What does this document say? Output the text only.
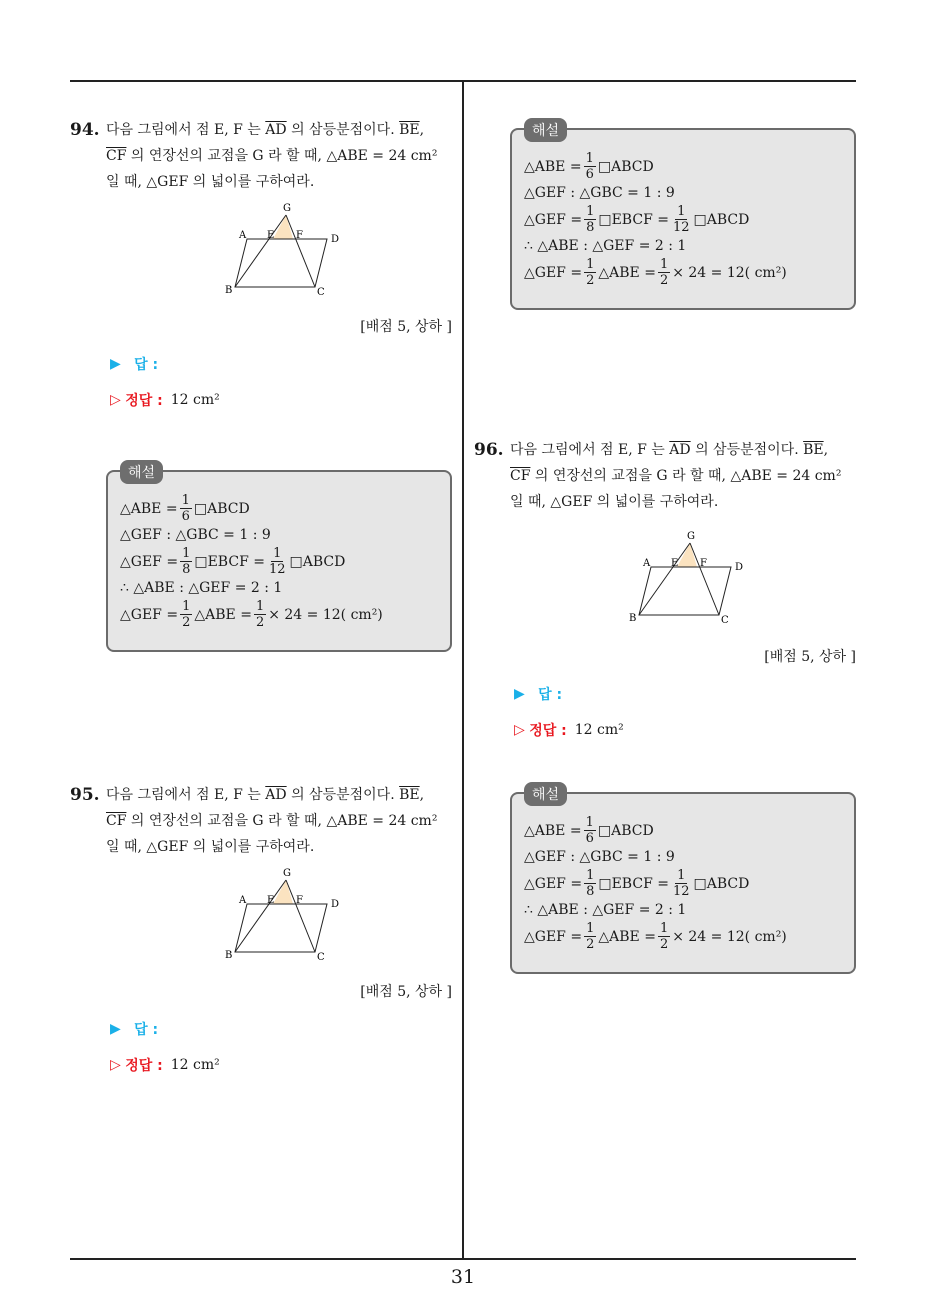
94. 다음 그림에서 점 E, F 는 $\overline{AD}$ 의 삼등분점이다. $\overline{BE}$,
$\overline{CF}$ 의 연장선의 교점을 G 라 할 때, △ABE = 24 cm²
일 때, △GEF 의 넓이를 구하여라.
G
A E F	D
B	C
[배점 5, 상하 ]
▶
답 :
▷
정답 : 12 cm²
해설
△ABE = $\frac{1}{6}$ □ABCD
△GEF : △GBC = 1 : 9
△GEF = $\frac{1}{8}$ □EBCF = $\frac{1}{12}$ □ABCD
∴ △ABE : △GEF = 2 : 1
△GEF = $\frac{1}{2}$ △ABE = $\frac{1}{2} \times 24 = 12$( cm²)
95. 다음 그림에서 점 E, F 는 $\overline{AD}$ 의 삼등분점이다. $\overline{BE}$,
$\overline{CF}$ 의 연장선의 교점을 G 라 할 때, △ABE = 24 cm²
일 때, △GEF 의 넓이를 구하여라.
G
A E F	D
B	C
[배점 5, 상하 ]
▶
답 :
▷
정답 : 12 cm²
해설
△ABE = $\frac{1}{6}$ □ABCD
△GEF : △GBC = 1 : 9
△GEF = $\frac{1}{8}$ □EBCF = $\frac{1}{12}$ □ABCD
∴ △ABE : △GEF = 2 : 1
△GEF = $\frac{1}{2}$ △ABE = $\frac{1}{2} \times 24 = 12$( cm²)
96. 다음 그림에서 점 E, F 는 $\overline{AD}$ 의 삼등분점이다. $\overline{BE}$,
$\overline{CF}$ 의 연장선의 교점을 G 라 할 때, △ABE = 24 cm²
일 때, △GEF 의 넓이를 구하여라.
G
A E F	D
B	C
[배점 5, 상하 ]
▶
답 :
▷
정답 : 12 cm²
해설
△ABE = $\frac{1}{6}$ □ABCD
△GEF : △GBC = 1 : 9
△GEF = $\frac{1}{8}$ □EBCF = $\frac{1}{12}$ □ABCD
∴ △ABE : △GEF = 2 : 1
△GEF = $\frac{1}{2}$ △ABE = $\frac{1}{2} \times 24 = 12$( cm²)
31
